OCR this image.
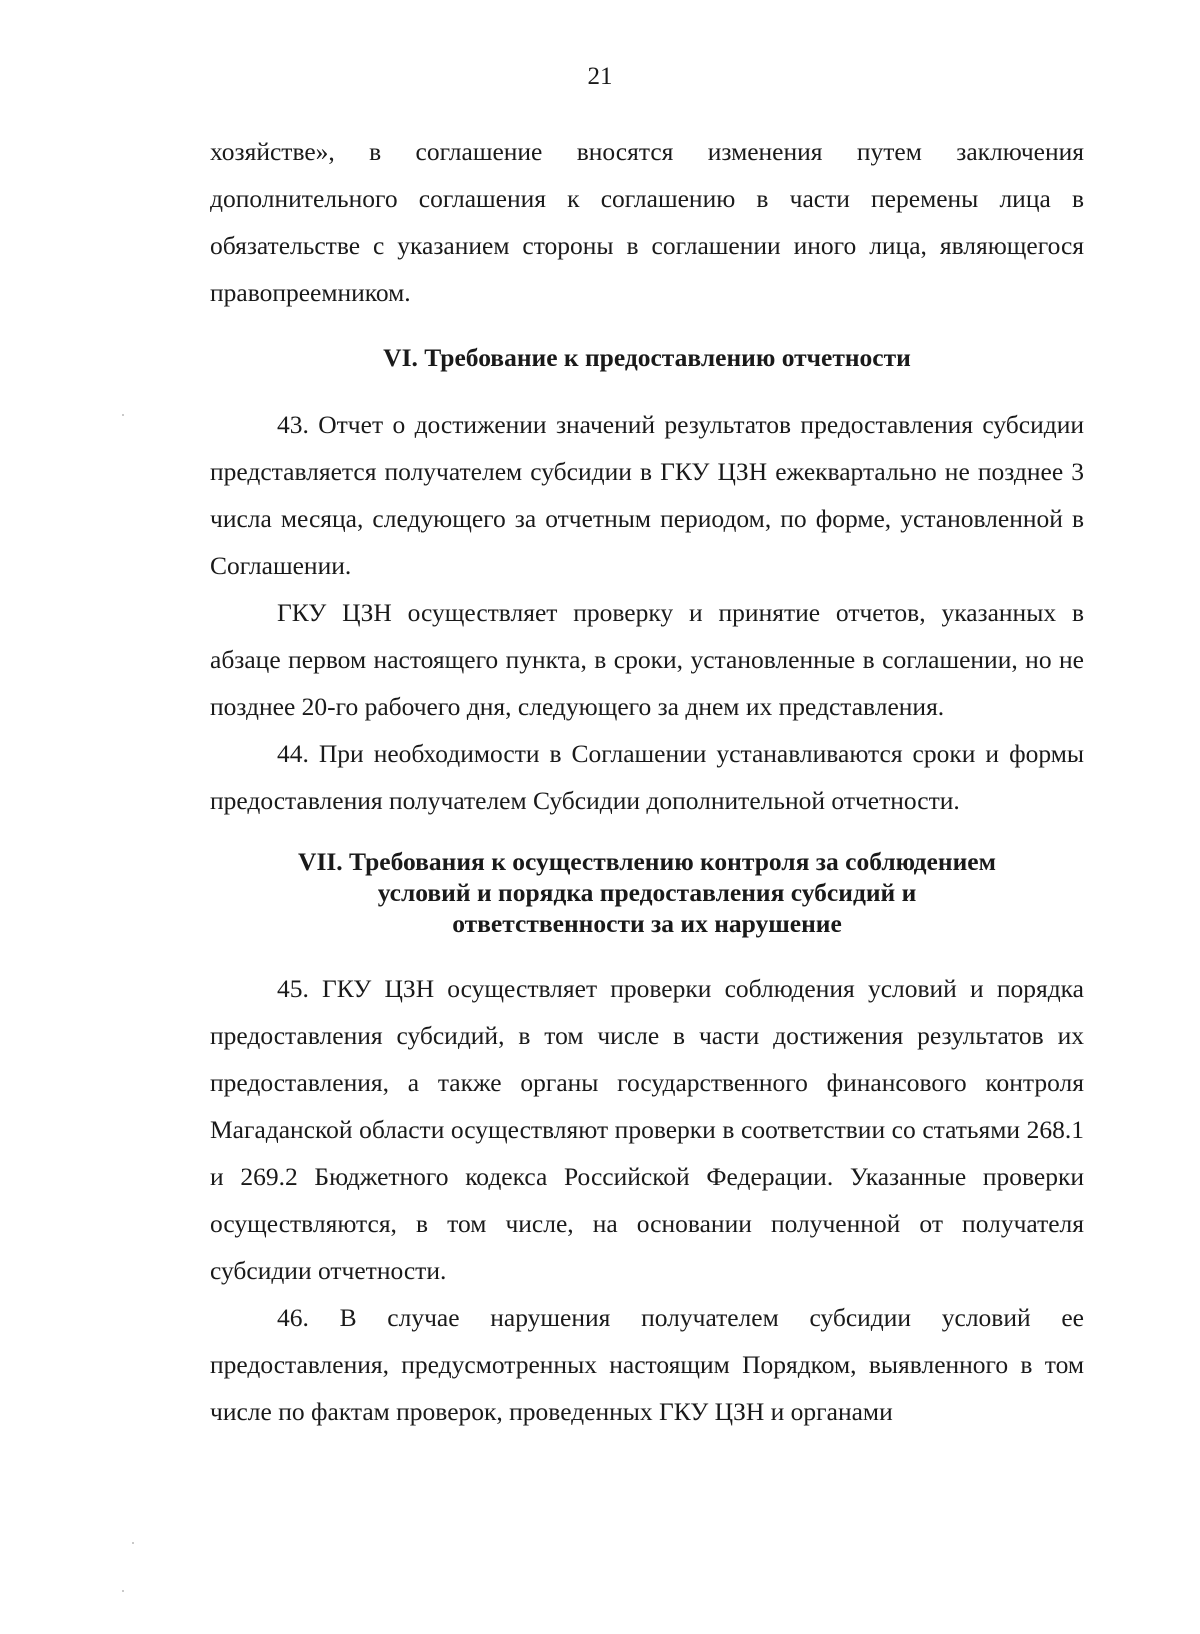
21

хозяйстве», в соглашение вносятся изменения путем заключения дополнительного соглашения к соглашению в части перемены лица в обязательстве с указанием стороны в соглашении иного лица, являющегося правопреемником.

VI. Требование к предоставлению отчетности

43. Отчет о достижении значений результатов предоставления субсидии представляется получателем субсидии в ГКУ ЦЗН ежеквартально не позднее 3 числа месяца, следующего за отчетным периодом, по форме, установленной в Соглашении.

ГКУ ЦЗН осуществляет проверку и принятие отчетов, указанных в абзаце первом настоящего пункта, в сроки, установленные в соглашении, но не позднее 20-го рабочего дня, следующего за днем их представления.

44. При необходимости в Соглашении устанавливаются сроки и формы предоставления получателем Субсидии дополнительной отчетности.

VII. Требования к осуществлению контроля за соблюдением
условий и порядка предоставления субсидий и
ответственности за их нарушение

45. ГКУ ЦЗН осуществляет проверки соблюдения условий и порядка предоставления субсидий, в том числе в части достижения результатов их предоставления, а также органы государственного финансового контроля Магаданской области осуществляют проверки в соответствии со статьями 268.1 и 269.2 Бюджетного кодекса Российской Федерации. Указанные проверки осуществляются, в том числе, на основании полученной от получателя субсидии отчетности.

46. В случае нарушения получателем субсидии условий ее предоставления, предусмотренных настоящим Порядком, выявленного в том числе по фактам проверок, проведенных ГКУ ЦЗН и органами
